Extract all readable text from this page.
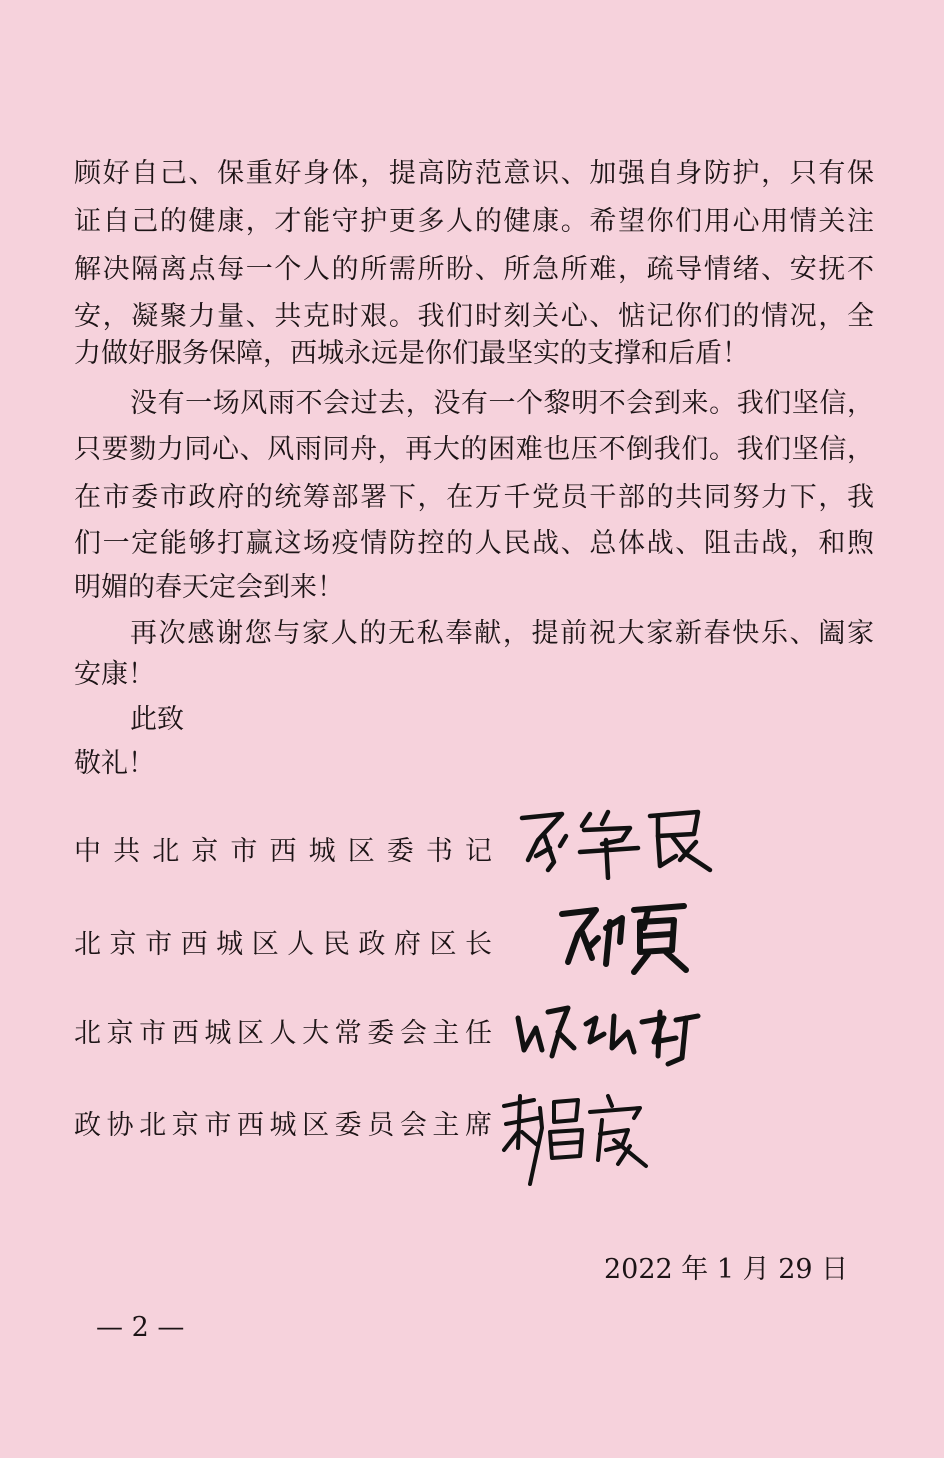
顾好自己、保重好身体，提高防范意识、加强自身防护，只有保
证自己的健康，才能守护更多人的健康。希望你们用心用情关注
解决隔离点每一个人的所需所盼、所急所难，疏导情绪、安抚不
安，凝聚力量、共克时艰。我们时刻关心、惦记你们的情况，全
力做好服务保障，西城永远是你们最坚实的支撑和后盾！
没有一场风雨不会过去，没有一个黎明不会到来。我们坚信，
只要勠力同心、风雨同舟，再大的困难也压不倒我们。我们坚信，
在市委市政府的统筹部署下，在万千党员干部的共同努力下，我
们一定能够打赢这场疫情防控的人民战、总体战、阻击战，和煦
明媚的春天定会到来！
再次感谢您与家人的无私奉献，提前祝大家新春快乐、阖家
安康！
此致
敬礼！
中共北京市西城区委书记
北京市西城区人民政府区长
北京市西城区人大常委会主任
政协北京市西城区委员会主席
2022 年 1 月 29 日
— 2 —
